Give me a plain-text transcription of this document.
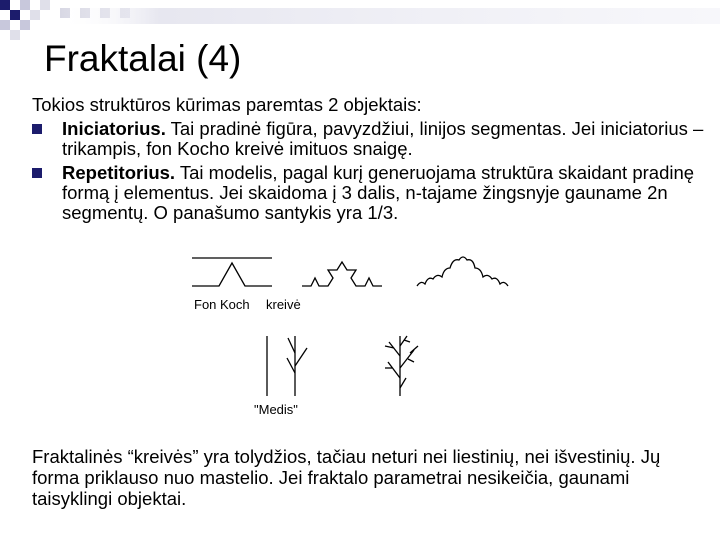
Fraktalai (4)

Tokios struktūros kūrimas paremtas 2 objektais:

Iniciatorius. Tai pradinė figūra, pavyzdžiui, linijos segmentas. Jei iniciatorius – trikampis, fon Kocho kreivė imituos snaigę.
Repetitorius. Tai modelis, pagal kurį generuojama struktūra skaidant pradinę formą į elementus. Jei skaidoma į 3 dalis, n-tajame žingsnyje gauname 2n segmentų. O panašumo santykis yra 1/3.
Fon Koch kreivė
"Medis"

Fraktalinės “kreivės” yra tolydžios, tačiau neturi nei liestinių, nei išvestinių. Jų forma priklauso nuo mastelio. Jei fraktalo parametrai nesikeičia, gaunami taisyklingi objektai.
